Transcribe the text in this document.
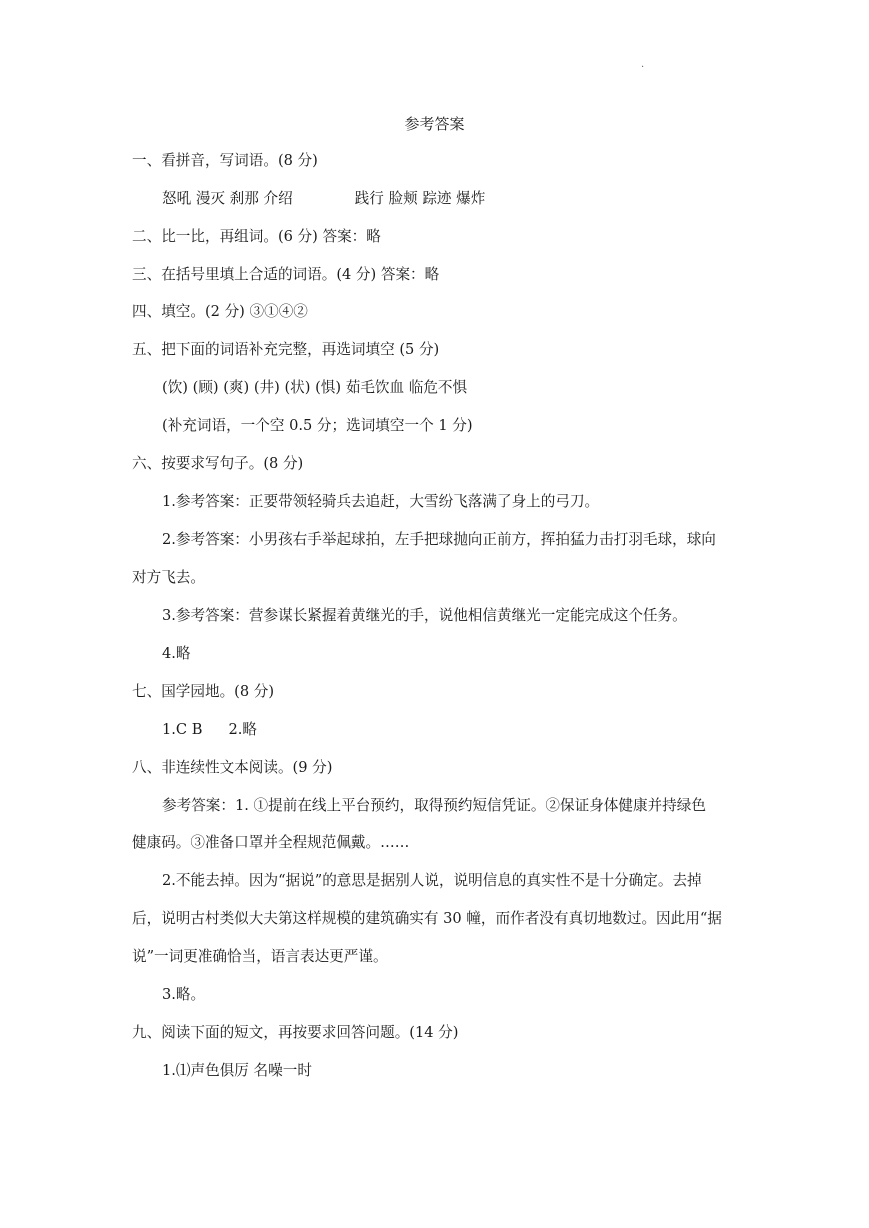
·
参考答案
一、看拼音，写词语。(8 分)
怒吼 漫灭 刹那 介绍	践行 脸颊 踪迹 爆炸
二、比一比，再组词。(6 分) 答案：略
三、在括号里填上合适的词语。(4 分) 答案：略
四、填空。(2 分) ③①④②
五、把下面的词语补充完整，再选词填空 (5 分)
(饮) (顾) (爽) (井) (状) (惧) 茹毛饮血 临危不惧
(补充词语，一个空 0.5 分；选词填空一个 1 分)
六、按要求写句子。(8 分)
1.参考答案：正要带领轻骑兵去追赶，大雪纷飞落满了身上的弓刀。
2.参考答案：小男孩右手举起球拍，左手把球抛向正前方，挥拍猛力击打羽毛球，球向
对方飞去。
3.参考答案：营参谋长紧握着黄继光的手，说他相信黄继光一定能完成这个任务。
4.略
七、国学园地。(8 分)
1.C B 2.略
八、非连续性文本阅读。(9 分)
参考答案：1. ①提前在线上平台预约，取得预约短信凭证。②保证身体健康并持绿色
健康码。③准备口罩并全程规范佩戴。……
2.不能去掉。因为“据说”的意思是据别人说，说明信息的真实性不是十分确定。去掉
后，说明古村类似大夫第这样规模的建筑确实有 30 幢，而作者没有真切地数过。因此用“据
说”一词更准确恰当，语言表达更严谨。
3.略。
九、阅读下面的短文，再按要求回答问题。(14 分)
1.⑴声色俱厉 名噪一时
